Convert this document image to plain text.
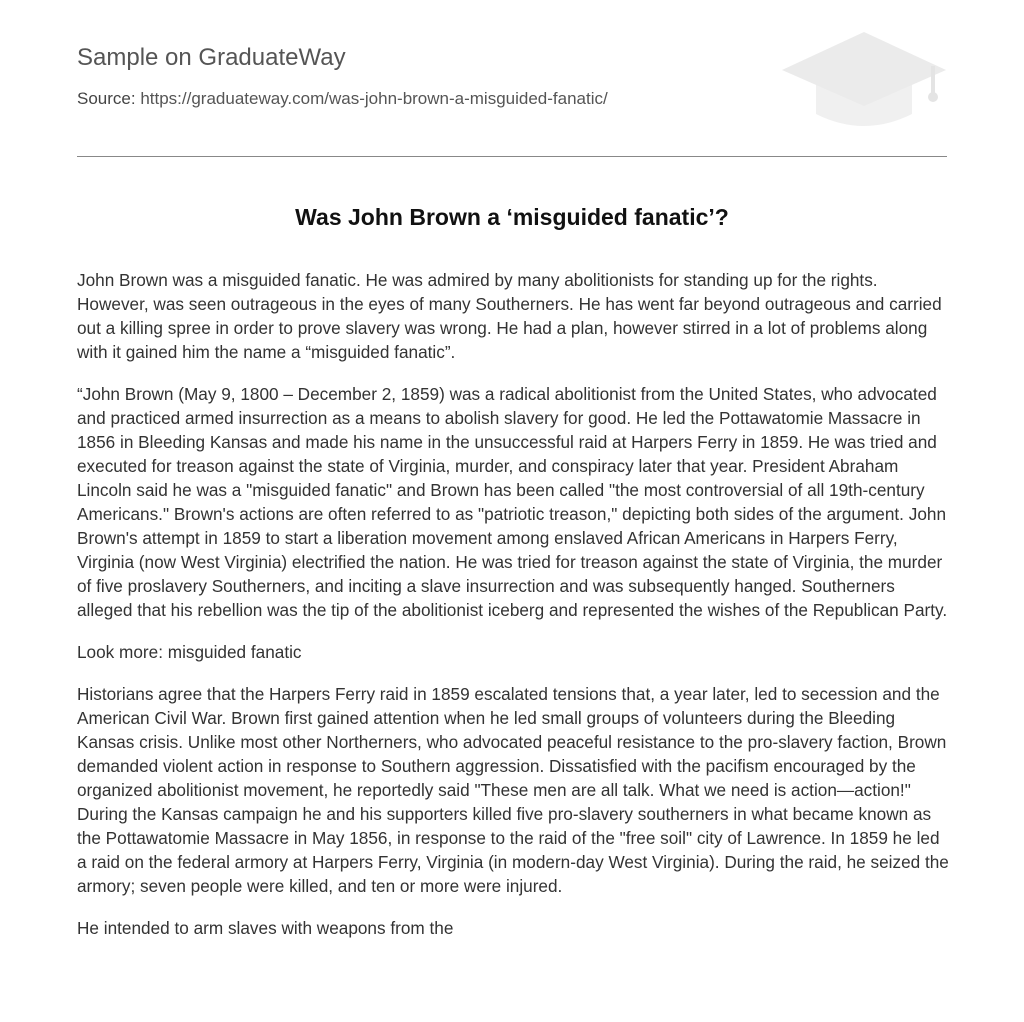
Sample on GraduateWay
Source: https://graduateway.com/was-john-brown-a-misguided-fanatic/
Was John Brown a ‘misguided fanatic’?

John Brown was a misguided fanatic. He was admired by many abolitionists for standing up for the rights. However, was seen outrageous in the eyes of many Southerners. He has went far beyond outrageous and carried out a killing spree in order to prove slavery was wrong. He had a plan, however stirred in a lot of problems along with it gained him the name a “misguided fanatic”.

“John Brown (May 9, 1800 – December 2, 1859) was a radical abolitionist from the United States, who advocated and practiced armed insurrection as a means to abolish slavery for good. He led the Pottawatomie Massacre in 1856 in Bleeding Kansas and made his name in the unsuccessful raid at Harpers Ferry in 1859. He was tried and executed for treason against the state of Virginia, murder, and conspiracy later that year. President Abraham Lincoln said he was a "misguided fanatic" and Brown has been called "the most controversial of all 19th-century Americans." Brown's actions are often referred to as "patriotic treason," depicting both sides of the argument. John Brown's attempt in 1859 to start a liberation movement among enslaved African Americans in Harpers Ferry, Virginia (now West Virginia) electrified the nation. He was tried for treason against the state of Virginia, the murder of five proslavery Southerners, and inciting a slave insurrection and was subsequently hanged. Southerners alleged that his rebellion was the tip of the abolitionist iceberg and represented the wishes of the Republican Party.

Look more: misguided fanatic

Historians agree that the Harpers Ferry raid in 1859 escalated tensions that, a year later, led to secession and the American Civil War. Brown first gained attention when he led small groups of volunteers during the Bleeding Kansas crisis. Unlike most other Northerners, who advocated peaceful resistance to the pro-slavery faction, Brown demanded violent action in response to Southern aggression. Dissatisfied with the pacifism encouraged by the organized abolitionist movement, he reportedly said "These men are all talk. What we need is action—action!" During the Kansas campaign he and his supporters killed five pro-slavery southerners in what became known as the Pottawatomie Massacre in May 1856, in response to the raid of the "free soil" city of Lawrence. In 1859 he led a raid on the federal armory at Harpers Ferry, Virginia (in modern-day West Virginia). During the raid, he seized the armory; seven people were killed, and ten or more were injured.

He intended to arm slaves with weapons from the
